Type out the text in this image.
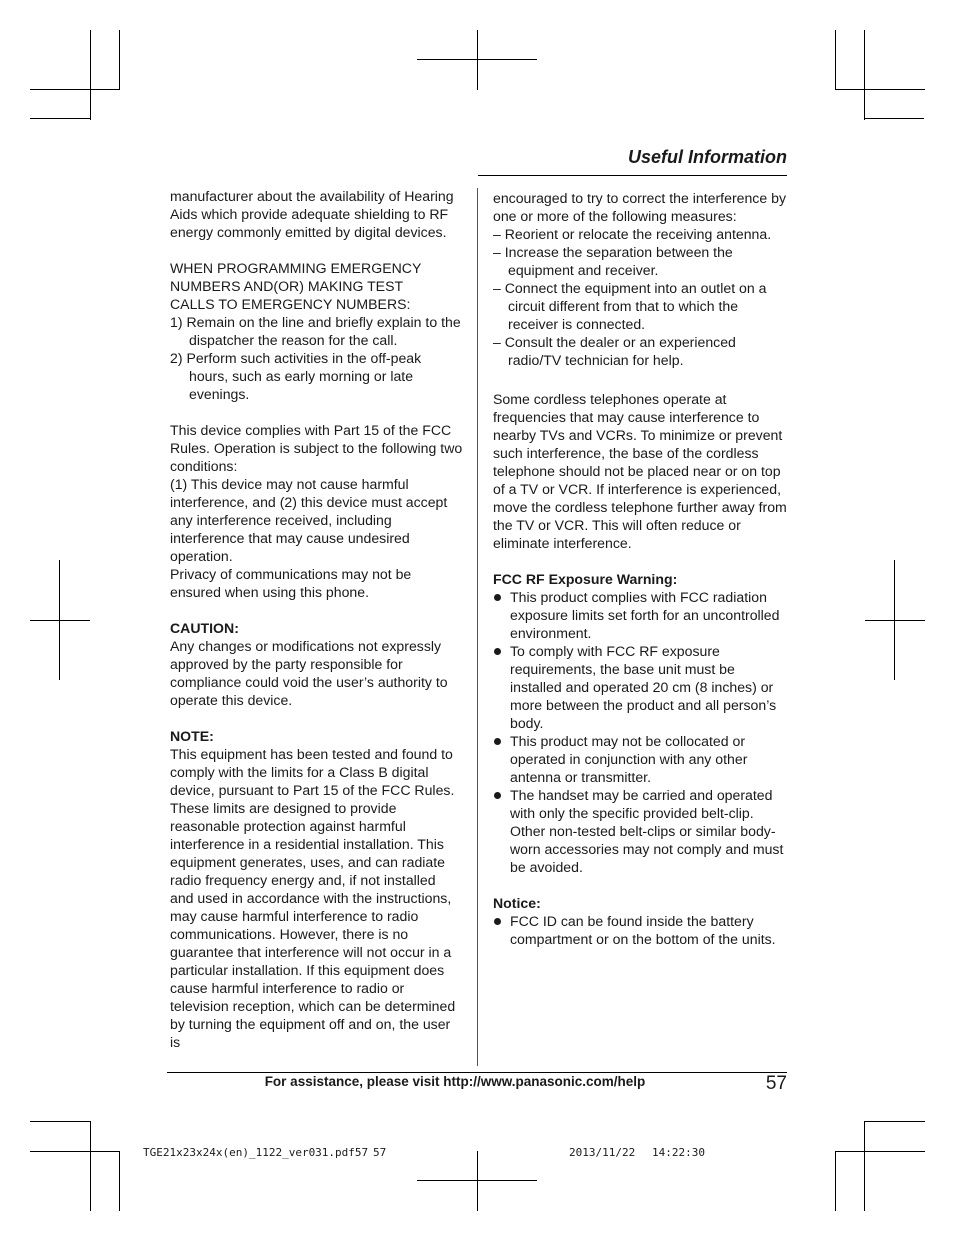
Useful Information

manufacturer about the availability of Hearing Aids which provide adequate shielding to RF energy commonly emitted by digital devices.

WHEN PROGRAMMING EMERGENCY

NUMBERS AND(OR) MAKING TEST

CALLS TO EMERGENCY NUMBERS:

1) Remain on the line and briefly explain to the dispatcher the reason for the call.

2) Perform such activities in the off-peak hours, such as early morning or late evenings.

This device complies with Part 15 of the FCC Rules. Operation is subject to the following two conditions:

(1) This device may not cause harmful interference, and (2) this device must accept any interference received, including interference that may cause undesired operation.

Privacy of communications may not be ensured when using this phone.

CAUTION:

Any changes or modifications not expressly approved by the party responsible for compliance could void the user’s authority to operate this device.

NOTE:

This equipment has been tested and found to comply with the limits for a Class B digital device, pursuant to Part 15 of the FCC Rules. These limits are designed to provide reasonable protection against harmful interference in a residential installation. This equipment generates, uses, and can radiate radio frequency energy and, if not installed and used in accordance with the instructions, may cause harmful interference to radio communications. However, there is no guarantee that interference will not occur in a particular installation. If this equipment does cause harmful interference to radio or television reception, which can be determined by turning the equipment off and on, the user is

encouraged to try to correct the interference by one or more of the following measures:

– Reorient or relocate the receiving antenna.

– Increase the separation between the equipment and receiver.

– Connect the equipment into an outlet on a circuit different from that to which the receiver is connected.

– Consult the dealer or an experienced radio/TV technician for help.

Some cordless telephones operate at frequencies that may cause interference to nearby TVs and VCRs. To minimize or prevent such interference, the base of the cordless telephone should not be placed near or on top of a TV or VCR. If interference is experienced, move the cordless telephone further away from the TV or VCR. This will often reduce or eliminate interference.

FCC RF Exposure Warning:

This product complies with FCC radiation exposure limits set forth for an uncontrolled environment.

To comply with FCC RF exposure requirements, the base unit must be installed and operated 20 cm (8 inches) or more between the product and all person’s body.

This product may not be collocated or operated in conjunction with any other antenna or transmitter.

The handset may be carried and operated with only the specific provided belt-clip. Other non-tested belt-clips or similar body-worn accessories may not comply and must be avoided.

Notice:

FCC ID can be found inside the battery compartment or on the bottom of the units.

For assistance, please visit http://www.panasonic.com/help	57
TGE21x23x24x(en)_1122_ver031.pdf57 57	2013/11/22 14:22:30
